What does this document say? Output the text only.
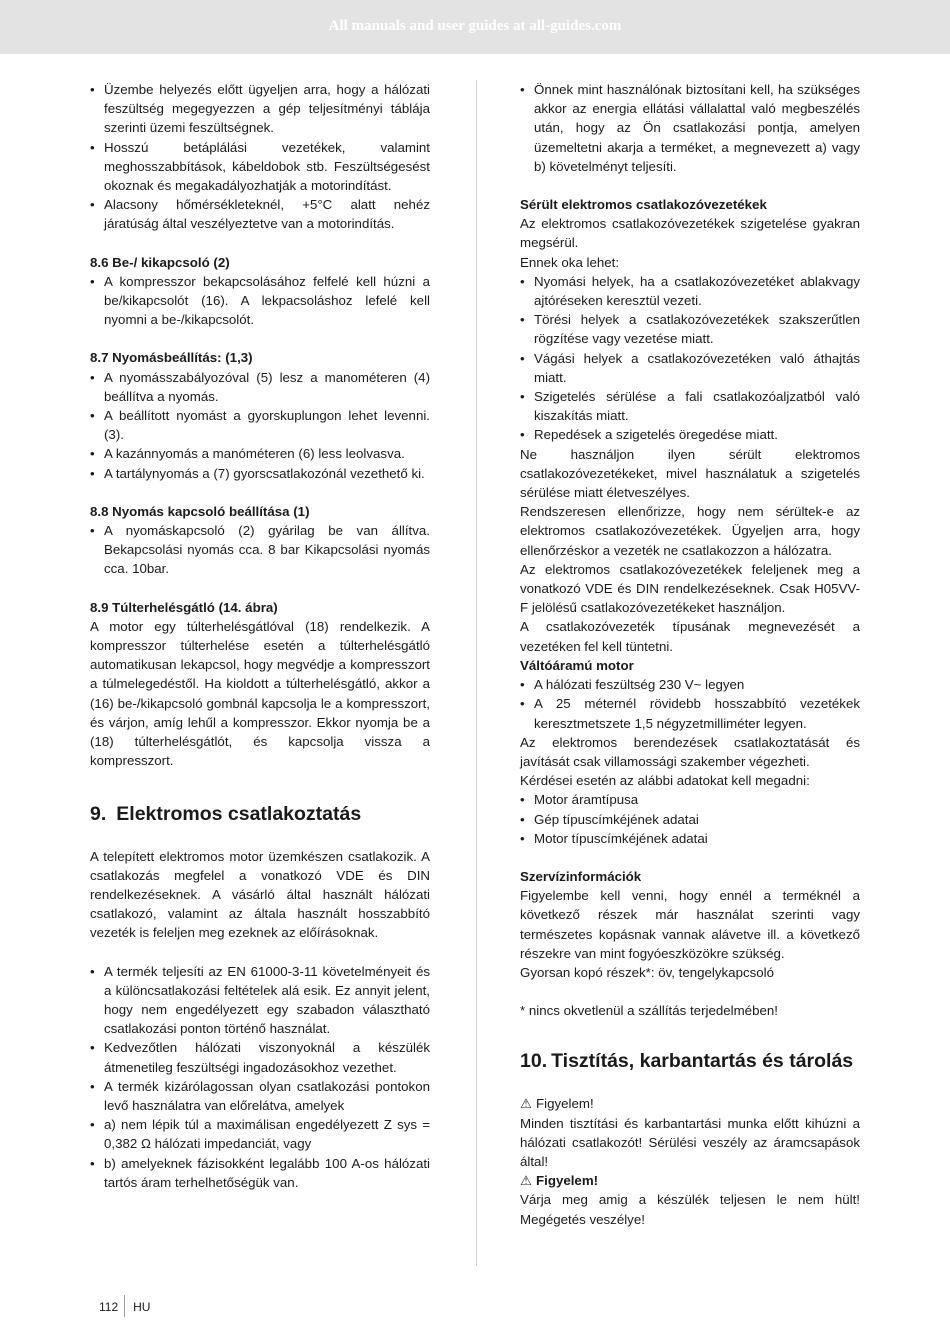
All manuals and user guides at all-guides.com
• Üzembe helyezés előtt ügyeljen arra, hogy a hálózati feszültség megegyezzen a gép teljesítményi táblája szerinti üzemi feszültségnek.
• Hosszú betáplálási vezetékek, valamint meghosszabbítások, kábeldobok stb. Feszültségesést okoznak és megakadályozhatják a motorindítást.
• Alacsony hőmérsékleteknél, +5°C alatt nehéz járatúság által veszélyeztetve van a motorindítás.
8.6 Be-/ kikapcsoló (2)
• A kompresszor bekapcsolásához felfelé kell húzni a be/kikapcsolót (16). A lekpacsoláshoz lefelé kell nyomni a be-/kikapcsolót.
8.7 Nyomásbeállítás: (1,3)
• A nyomásszabályozóval (5) lesz a manométeren (4) beállítva a nyomás.
• A beállított nyomást a gyorskuplungon lehet levenni. (3).
• A kazánnyomás a manóméteren (6) less leolvasva.
• A tartálynyomás a (7) gyorscsatlakozónál vezethető ki.
8.8 Nyomás kapcsoló beállítása (1)
• A nyomáskapcsoló (2) gyárilag be van állítva. Bekapcsolási nyomás cca. 8 bar Kikapcsolási nyomás cca. 10bar.
8.9 Túlterhelésgátló (14. ábra)

A motor egy túlterhelésgátlóval (18) rendelkezik. A kompresszor túlterhelése esetén a túlterhelésgátló automatikusan lekapcsol, hogy megvédje a kompresszort a túlmelegedéstől. Ha kioldott a túlterhelésgátló, akkor a (16) be-/kikapcsoló gombnál kapcsolja le a kompresszort, és várjon, amíg lehűl a kompresszor. Ekkor nyomja be a (18) túlterhelésgátlót, és kapcsolja vissza a kompresszort.

9. Elektromos csatlakoztatás

A telepített elektromos motor üzemkészen csatlakozik. A csatlakozás megfelel a vonatkozó VDE és DIN rendelkezéseknek. A vásárló által használt hálózati csatlakozó, valamint az általa használt hosszabbító vezeték is feleljen meg ezeknek az előírásoknak.

• A termék teljesíti az EN 61000-3-11 követelményeit és a különcsatlakozási feltételek alá esik. Ez annyit jelent, hogy nem engedélyezett egy szabadon választható csatlakozási ponton történő használat.
• Kedvezőtlen hálózati viszonyoknál a készülék átmenetileg feszültségi ingadozásokhoz vezethet.
• A termék kizárólagossan olyan csatlakozási pontokon levő használatra van előrelátva, amelyek
• a) nem lépik túl a maximálisan engedélyezett Z sys = 0,382 Ω hálózati impedanciát, vagy
• b) amelyeknek fázisokként legalább 100 A-os hálózati tartós áram terhelhetőségük van.
• Önnek mint használónak biztosítani kell, ha szükséges akkor az energia ellátási vállalattal való megbeszélés után, hogy az Ön csatlakozási pontja, amelyen üzemeltetni akarja a terméket, a megnevezett a) vagy b) követelményt teljesíti.
Sérült elektromos csatlakozóvezetékek

Az elektromos csatlakozóvezetékek szigetelése gyakran megsérül.

Ennek oka lehet:

• Nyomási helyek, ha a csatlakozóvezetéket ablakvagy ajtóréseken keresztül vezeti.
• Törési helyek a csatlakozóvezetékek szakszerűtlen rögzítése vagy vezetése miatt.
• Vágási helyek a csatlakozóvezetéken való áthajtás miatt.
• Szigetelés sérülése a fali csatlakozóaljzatból való kiszakítás miatt.
• Repedések a szigetelés öregedése miatt.

Ne használjon ilyen sérült elektromos csatlakozóvezetékeket, mivel használatuk a szigetelés sérülése miatt életveszélyes.

Rendszeresen ellenőrizze, hogy nem sérültek-e az elektromos csatlakozóvezetékek. Ügyeljen arra, hogy ellenőrzéskor a vezeték ne csatlakozzon a hálózatra.

Az elektromos csatlakozóvezetékek feleljenek meg a vonatkozó VDE és DIN rendelkezéseknek. Csak H05VV-F jelölésű csatlakozóvezetékeket használjon.

A csatlakozóvezeték típusának megnevezését a vezetéken fel kell tüntetni.

Váltóáramú motor
• A hálózati feszültség 230 V~ legyen
• A 25 méternél rövidebb hosszabbító vezetékek keresztmetszete 1,5 négyzetmilliméter legyen.

Az elektromos berendezések csatlakoztatását és javítását csak villamossági szakember végezheti.

Kérdései esetén az alábbi adatokat kell megadni:

• Motor áramtípusa
• Gép típuscímkéjének adatai
• Motor típuscímkéjének adatai
Szervízinformációk

Figyelembe kell venni, hogy ennél a terméknél a következő részek már használat szerinti vagy természetes kopásnak vannak alávetve ill. a következő részekre van mint fogyóeszközökre szükség.

Gyorsan kopó részek*: öv, tengelykapcsoló

* nincs okvetlenül a szállítás terjedelmében!

10. Tisztítás, karbantartás és tárolás

⚠ Figyelem!

Minden tisztítási és karbantartási munka előtt kihúzni a hálózati csatlakozót! Sérülési veszély az áramcsapások által!

⚠ Figyelem!

Várja meg amig a készülék teljesen le nem hült! Megégetés veszélye!

112 HU
